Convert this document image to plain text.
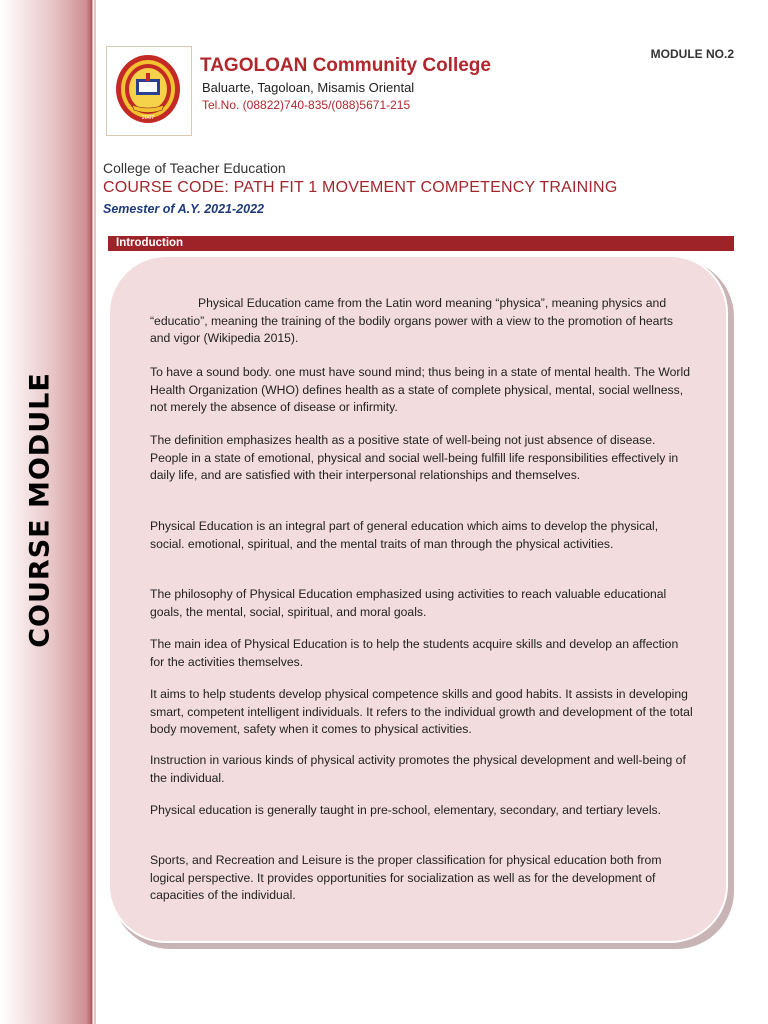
COURSE MODULE
2007
TAGOLOAN Community College
Baluarte, Tagoloan, Misamis Oriental
Tel.No. (08822)740-835/(088)5671-215
MODULE NO.2
College of Teacher Education
COURSE CODE: PATH FIT 1 MOVEMENT COMPETENCY TRAINING
Semester of A.Y. 2021-2022
Introduction

Physical Education came from the Latin word meaning “physica”, meaning physics and “educatio”, meaning the training of the bodily organs power with a view to the promotion of hearts and vigor (Wikipedia 2015).

To have a sound body. one must have sound mind; thus being in a state of mental health. The World Health Organization (WHO) defines health as a state of complete physical, mental, social wellness, not merely the absence of disease or infirmity.

The definition emphasizes health as a positive state of well-being not just absence of disease. People in a state of emotional, physical and social well-being fulfill life responsibilities effectively in daily life, and are satisfied with their interpersonal relationships and themselves.

Physical Education is an integral part of general education which aims to develop the physical, social. emotional, spiritual, and the mental traits of man through the physical activities.

The philosophy of Physical Education emphasized using activities to reach valuable educational goals, the mental, social, spiritual, and moral goals.

The main idea of Physical Education is to help the students acquire skills and develop an affection for the activities themselves.

It aims to help students develop physical competence skills and good habits. It assists in developing smart, competent intelligent individuals. It refers to the individual growth and development of the total body movement, safety when it comes to physical activities.

Instruction in various kinds of physical activity promotes the physical development and well-being of the individual.

Physical education is generally taught in pre-school, elementary, secondary, and tertiary levels.

Sports, and Recreation and Leisure is the proper classification for physical education both from logical perspective. It provides opportunities for socialization as well as for the development of capacities of the individual.
